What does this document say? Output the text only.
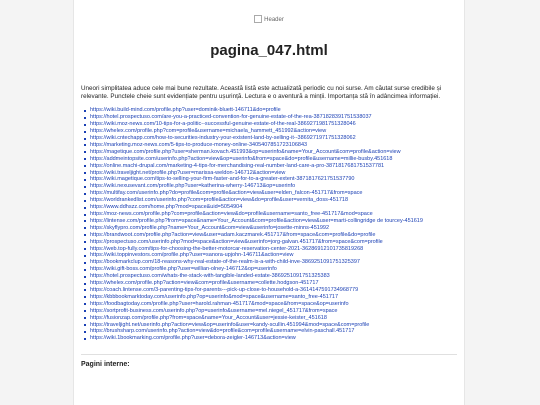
Header
pagina_047.html

Uneori simplitatea aduce cele mai bune rezultate. Această listă este actualizată periodic cu noi surse. Am căutat surse credibile și relevante. Punctele cheie sunt evidențiate pentru ușurință. Lectura e o aventură a minții. Importanța stă în adâncimea informației.

https://wiki.build-mind.com/profile.php?user=dominik-bluett-146711&do=profile
https://hotel.prospectuso.com/are-you-a-practiced-convention-for-genuine-estate-of-the-rea-3871828391751538037
https://wiki.moz-news.com/10-tips-for-a-politic--successful-genuine-estate-of-the-real-3869271981751328046
https://whelex.com/profile.php?com=profile&username=michaela_hammett_451992&action=view
https://wiki.cntechapp.com/how-to-securities-industry-your-existent-land-by-selling-it--3869271971751328062
https://marketing.moz-news.com/5-tips-to-produce-money-online-3405407851723106843
https://magetique.com/profile.php?user=sherman.kovach.451993&op=userinfo&name=Your_Account&com=profile&action=view
https://addmeintopsite.com/userinfo.php?action=view&op=userinfo&from=space&do=profile&username=millie-busby.451618
https://online.machi-drupal.com/marketing-4-tips-for-merchandising-real-number-land-care-a-pro-3871817681751537781
https://wiki.traveljight.net/profile.php?user=marissa-weldon-146712&action=view
https://wiki.magetique.com/tips-to-selling-your-firm-faster-and-for-to-a-greater-extent-3871817621751537790
https://wiki.nexusevant.com/profile.php?user=katherina-wherry-146713&op=userinfo
https://multifay.com/userinfo.php?do=profile&com=profile&action=view&user=elden_falcon-451717&from=space
https://worldrankedlist.com/userinfo.php?com=profile&action=view&do=profile&user=vernita_doss-451718
https://www.ddhszz.com/home.php?mod=space&uid=5054904
https://moz-news.com/profile.php?com=profile&action=view&do=profile&username=santo_free-451717&mod=space
https://lintense.com/profile.php?from=space&name=Your_Account&com=profile&action=view&user=marti-collingridge de tourcey-451619
https://skyflypro.com/profile.php?name=Your_Account&com=view&userinfo=josette-minns-451992
https://brandwoot.com/profile.php?action=view&user=adam.kaczmarek.451717&from=space&com=profile&do=profile
https://prospectuso.com/userinfo.php?mod=space&action=view&userinfo=jorg-galvan.451717&from=space&com=profile
https://web.top-fully.com/tips-for-choosing-the-better-motorcar-reservation-center-2021-36286912101735819268
https://wiki.toppinvestors.com/profile.php?user=sanora-upjohn-146711&action=view
https://bookmarkclup.com/18-reasons-why-real-estate-of-the-realm-is-a-with-child-inve-3869251091751325397
https://wiki.gift-boss.com/profile.php?user=willian-olney-146712&op=userinfo
https://hotel.prospectuso.com/whats-the-stack-with-tangible-landed-estate-3869251091751325383
https://whelex.com/profile.php?action=view&com=profile&username=collette.hodgson-451717
https://coach.lintense.com/3-parenting-tips-for-parents---pick-up-close-to-household-a-3614147591734968779
https://kbbbookmarktoday.com/userinfo.php?op=userinfo&mod=space&username=santo_free-451717
https://foodbagtoday.com/profile.php?user=harold.rahman-451717&mod=space&from=space&op=userinfo
https://sortprofit-business.com/userinfo.php?op=userinfo&username=mel.niegel_451717&from=space
https://fusionzap.com/profile.php?from=space&name=Your_Account&user=jessie-keister_451618
https://traveljight.net/userinfo.php?action=view&op=userinfo&user=kandy-scullin.451994&mod=space&com=profile
https://brushsharp.com/userinfo.php?action=view&do=profile&com=profile&username=elvin-paschall.451717
https://wiki.1bookmarking.com/profile.php?user=debora-zeigler-146713&action=view
Pagini interne:
